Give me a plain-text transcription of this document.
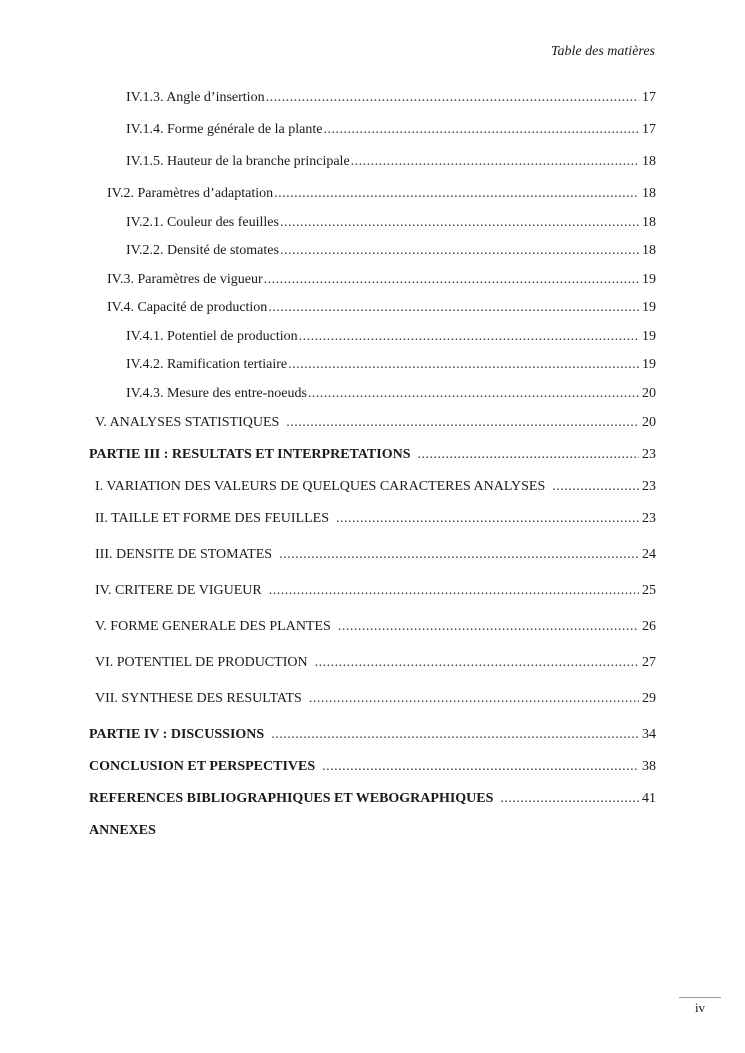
Table des matières
IV.1.3. Angle d’insertion .....	17
IV.1.4. Forme générale de la plante .....	17
IV.1.5. Hauteur de la branche principale .....	18
IV.2. Paramètres d’adaptation .....	18
IV.2.1. Couleur des feuilles .....	18
IV.2.2. Densité de stomates .....	18
IV.3. Paramètres de vigueur .....	19
IV.4. Capacité de production .....	19
IV.4.1. Potentiel de production .....	19
IV.4.2. Ramification tertiaire .....	19
IV.4.3. Mesure des entre-noeuds .....	20
V. ANALYSES STATISTIQUES .....	20
PARTIE III : RESULTATS ET INTERPRETATIONS .....	23
I. VARIATION DES VALEURS DE QUELQUES CARACTERES ANALYSES .....	23
II. TAILLE ET FORME DES FEUILLES .....	23
III. DENSITE DE STOMATES .....	24
IV. CRITERE DE VIGUEUR .....	25
V. FORME GENERALE DES PLANTES .....	26
VI. POTENTIEL DE PRODUCTION .....	27
VII. SYNTHESE DES RESULTATS .....	29
PARTIE IV : DISCUSSIONS .....	34
CONCLUSION ET PERSPECTIVES .....	38
REFERENCES BIBLIOGRAPHIQUES ET WEBOGRAPHIQUES .....	41
ANNEXES
iv
